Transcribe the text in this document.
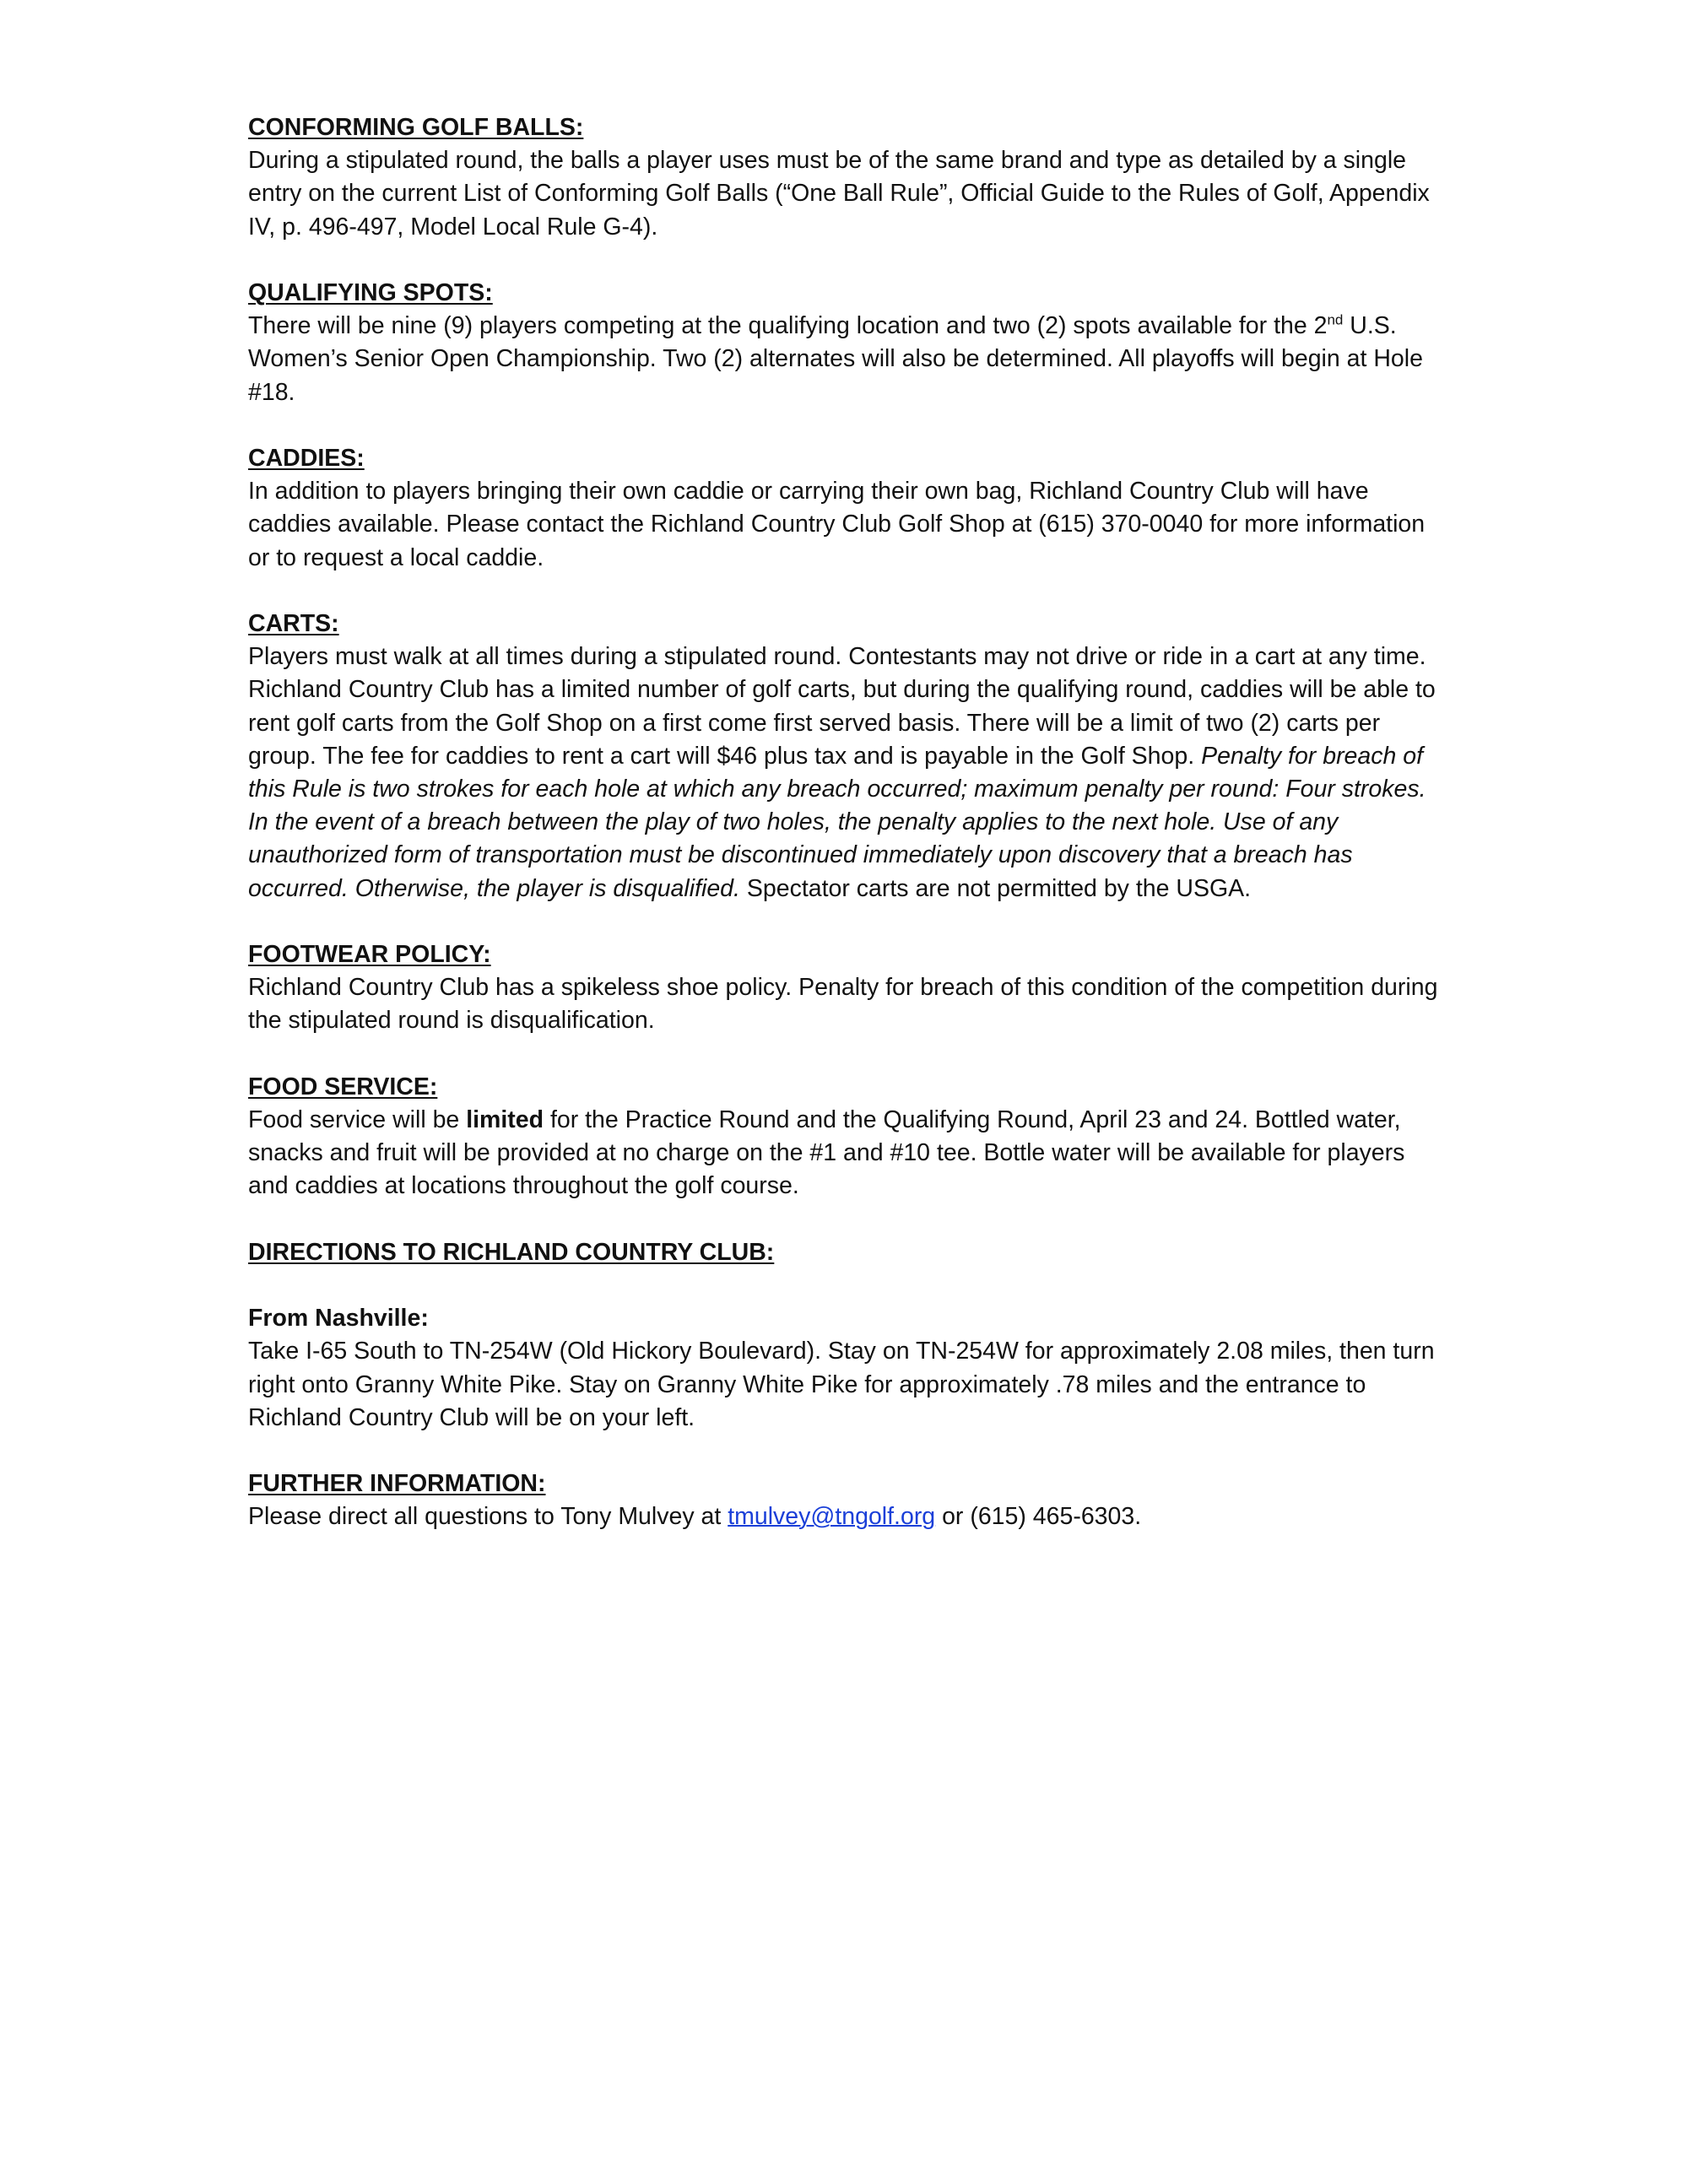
CONFORMING GOLF BALLS:

During a stipulated round, the balls a player uses must be of the same brand and type as detailed by a single entry on the current List of Conforming Golf Balls (“One Ball Rule”, Official Guide to the Rules of Golf, Appendix IV, p. 496-497, Model Local Rule G-4).

QUALIFYING SPOTS:

There will be nine (9) players competing at the qualifying location and two (2) spots available for the 2nd U.S. Women’s Senior Open Championship. Two (2) alternates will also be determined. All playoffs will begin at Hole #18.

CADDIES:

In addition to players bringing their own caddie or carrying their own bag, Richland Country Club will have caddies available. Please contact the Richland Country Club Golf Shop at (615) 370-0040 for more information or to request a local caddie.

CARTS:

Players must walk at all times during a stipulated round. Contestants may not drive or ride in a cart at any time. Richland Country Club has a limited number of golf carts, but during the qualifying round, caddies will be able to rent golf carts from the Golf Shop on a first come first served basis. There will be a limit of two (2) carts per group. The fee for caddies to rent a cart will $46 plus tax and is payable in the Golf Shop. Penalty for breach of this Rule is two strokes for each hole at which any breach occurred; maximum penalty per round: Four strokes. In the event of a breach between the play of two holes, the penalty applies to the next hole. Use of any unauthorized form of transportation must be discontinued immediately upon discovery that a breach has occurred. Otherwise, the player is disqualified. Spectator carts are not permitted by the USGA.

FOOTWEAR POLICY:

Richland Country Club has a spikeless shoe policy. Penalty for breach of this condition of the competition during the stipulated round is disqualification.

FOOD SERVICE:

Food service will be limited for the Practice Round and the Qualifying Round, April 23 and 24. Bottled water, snacks and fruit will be provided at no charge on the #1 and #10 tee. Bottle water will be available for players and caddies at locations throughout the golf course.

DIRECTIONS TO RICHLAND COUNTRY CLUB:
From Nashville:

Take I-65 South to TN-254W (Old Hickory Boulevard). Stay on TN-254W for approximately 2.08 miles, then turn right onto Granny White Pike. Stay on Granny White Pike for approximately .78 miles and the entrance to Richland Country Club will be on your left.

FURTHER INFORMATION:

Please direct all questions to Tony Mulvey at tmulvey@tngolf.org or (615) 465-6303.
